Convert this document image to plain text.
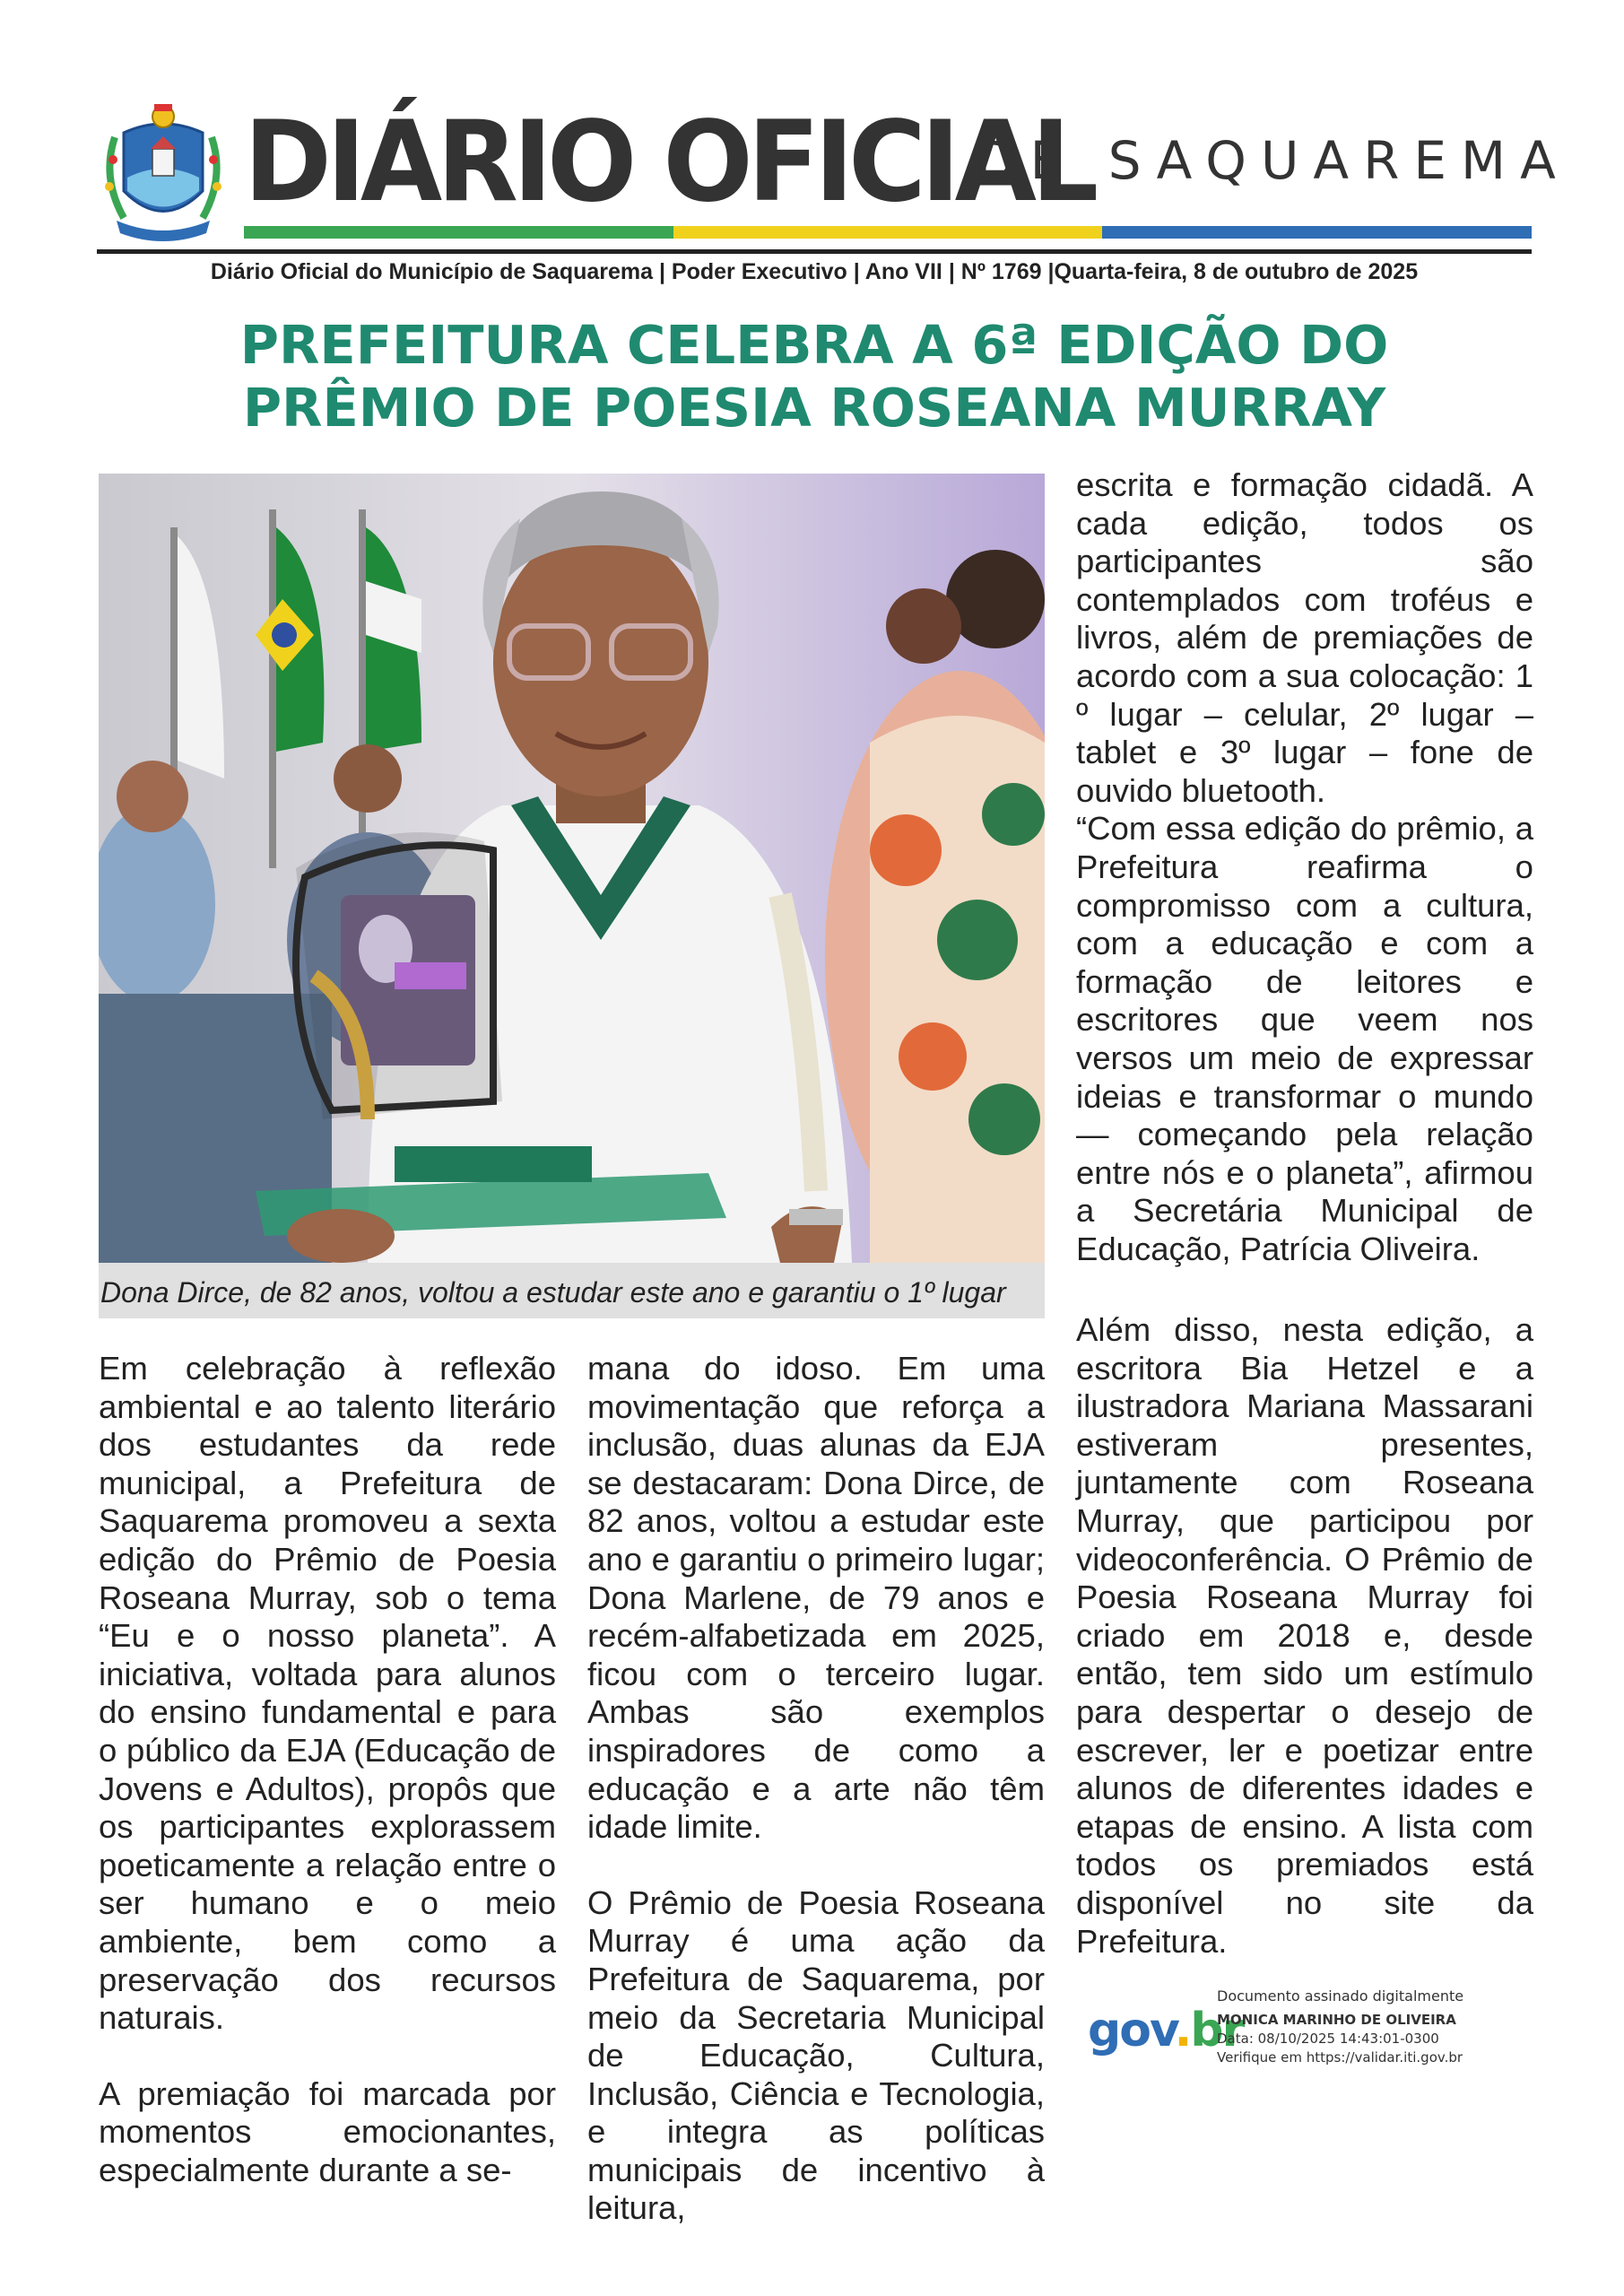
DIÁRIO OFICIAL
DE SAQUAREMA
Diário Oficial do Município de Saquarema | Poder Executivo | Ano VII | Nº 1769 |Quarta-feira, 8 de outubro de 2025
PREFEITURA CELEBRA A 6ª EDIÇÃO DO
PRÊMIO DE POESIA ROSEANA MURRAY
Dona Dirce, de 82 anos, voltou a estudar este ano e garantiu o 1º lugar

Em celebração à reflexão ambiental e ao talento literário dos estudantes da rede municipal, a Prefeitura de Saquarema promoveu a sexta edição do Prêmio de Poesia Roseana Murray, sob o tema “Eu e o nosso planeta”. A iniciativa, voltada para alunos do ensino fundamental e para o público da EJA (Educação de Jovens e Adultos), propôs que os participantes explorassem poeticamente a relação entre o ser humano e o meio ambiente, bem como a preservação dos recursos naturais.

A premiação foi marcada por momentos emocionantes, especialmente durante a se-

mana do idoso. Em uma movimentação que reforça a inclusão, duas alunas da EJA se destacaram: Dona Dirce, de 82 anos, voltou a estudar este ano e garantiu o primeiro lugar; Dona Marlene, de 79 anos e recém-alfabetizada em 2025, ficou com o terceiro lugar. Ambas são exemplos inspiradores de como a educação e a arte não têm idade limite.

O Prêmio de Poesia Roseana Murray é uma ação da Prefeitura de Saquarema, por meio da Secretaria Municipal de Educação, Cultura, Inclusão, Ciência e Tecnologia, e integra as políticas municipais de incentivo à leitura,

escrita e formação cidadã. A cada edição, todos os participantes são contemplados com troféus e livros, além de premiações de acordo com a sua colocação: 1 º lugar – celular, 2º lugar – tablet e 3º lugar – fone de ouvido bluetooth.

“Com essa edição do prêmio, a Prefeitura reafirma o compromisso com a cultura, com a educação e com a formação de leitores e escritores que veem nos versos um meio de expressar ideias e transformar o mundo — começando pela relação entre nós e o planeta”, afirmou a Secretária Municipal de Educação, Patrícia Oliveira.

Além disso, nesta edição, a escritora Bia Hetzel e a ilustradora Mariana Massarani estiveram presentes, juntamente com Roseana Murray, que participou por videoconferência. O Prêmio de Poesia Roseana Murray foi criado em 2018 e, desde então, tem sido um estímulo para despertar o desejo de escrever, ler e poetizar entre alunos de diferentes idades e etapas de ensino. A lista com todos os premiados está disponível no site da Prefeitura.

gov.br
Documento assinado digitalmente
MONICA MARINHO DE OLIVEIRA
Data: 08/10/2025 14:43:01-0300
Verifique em https://validar.iti.gov.br
